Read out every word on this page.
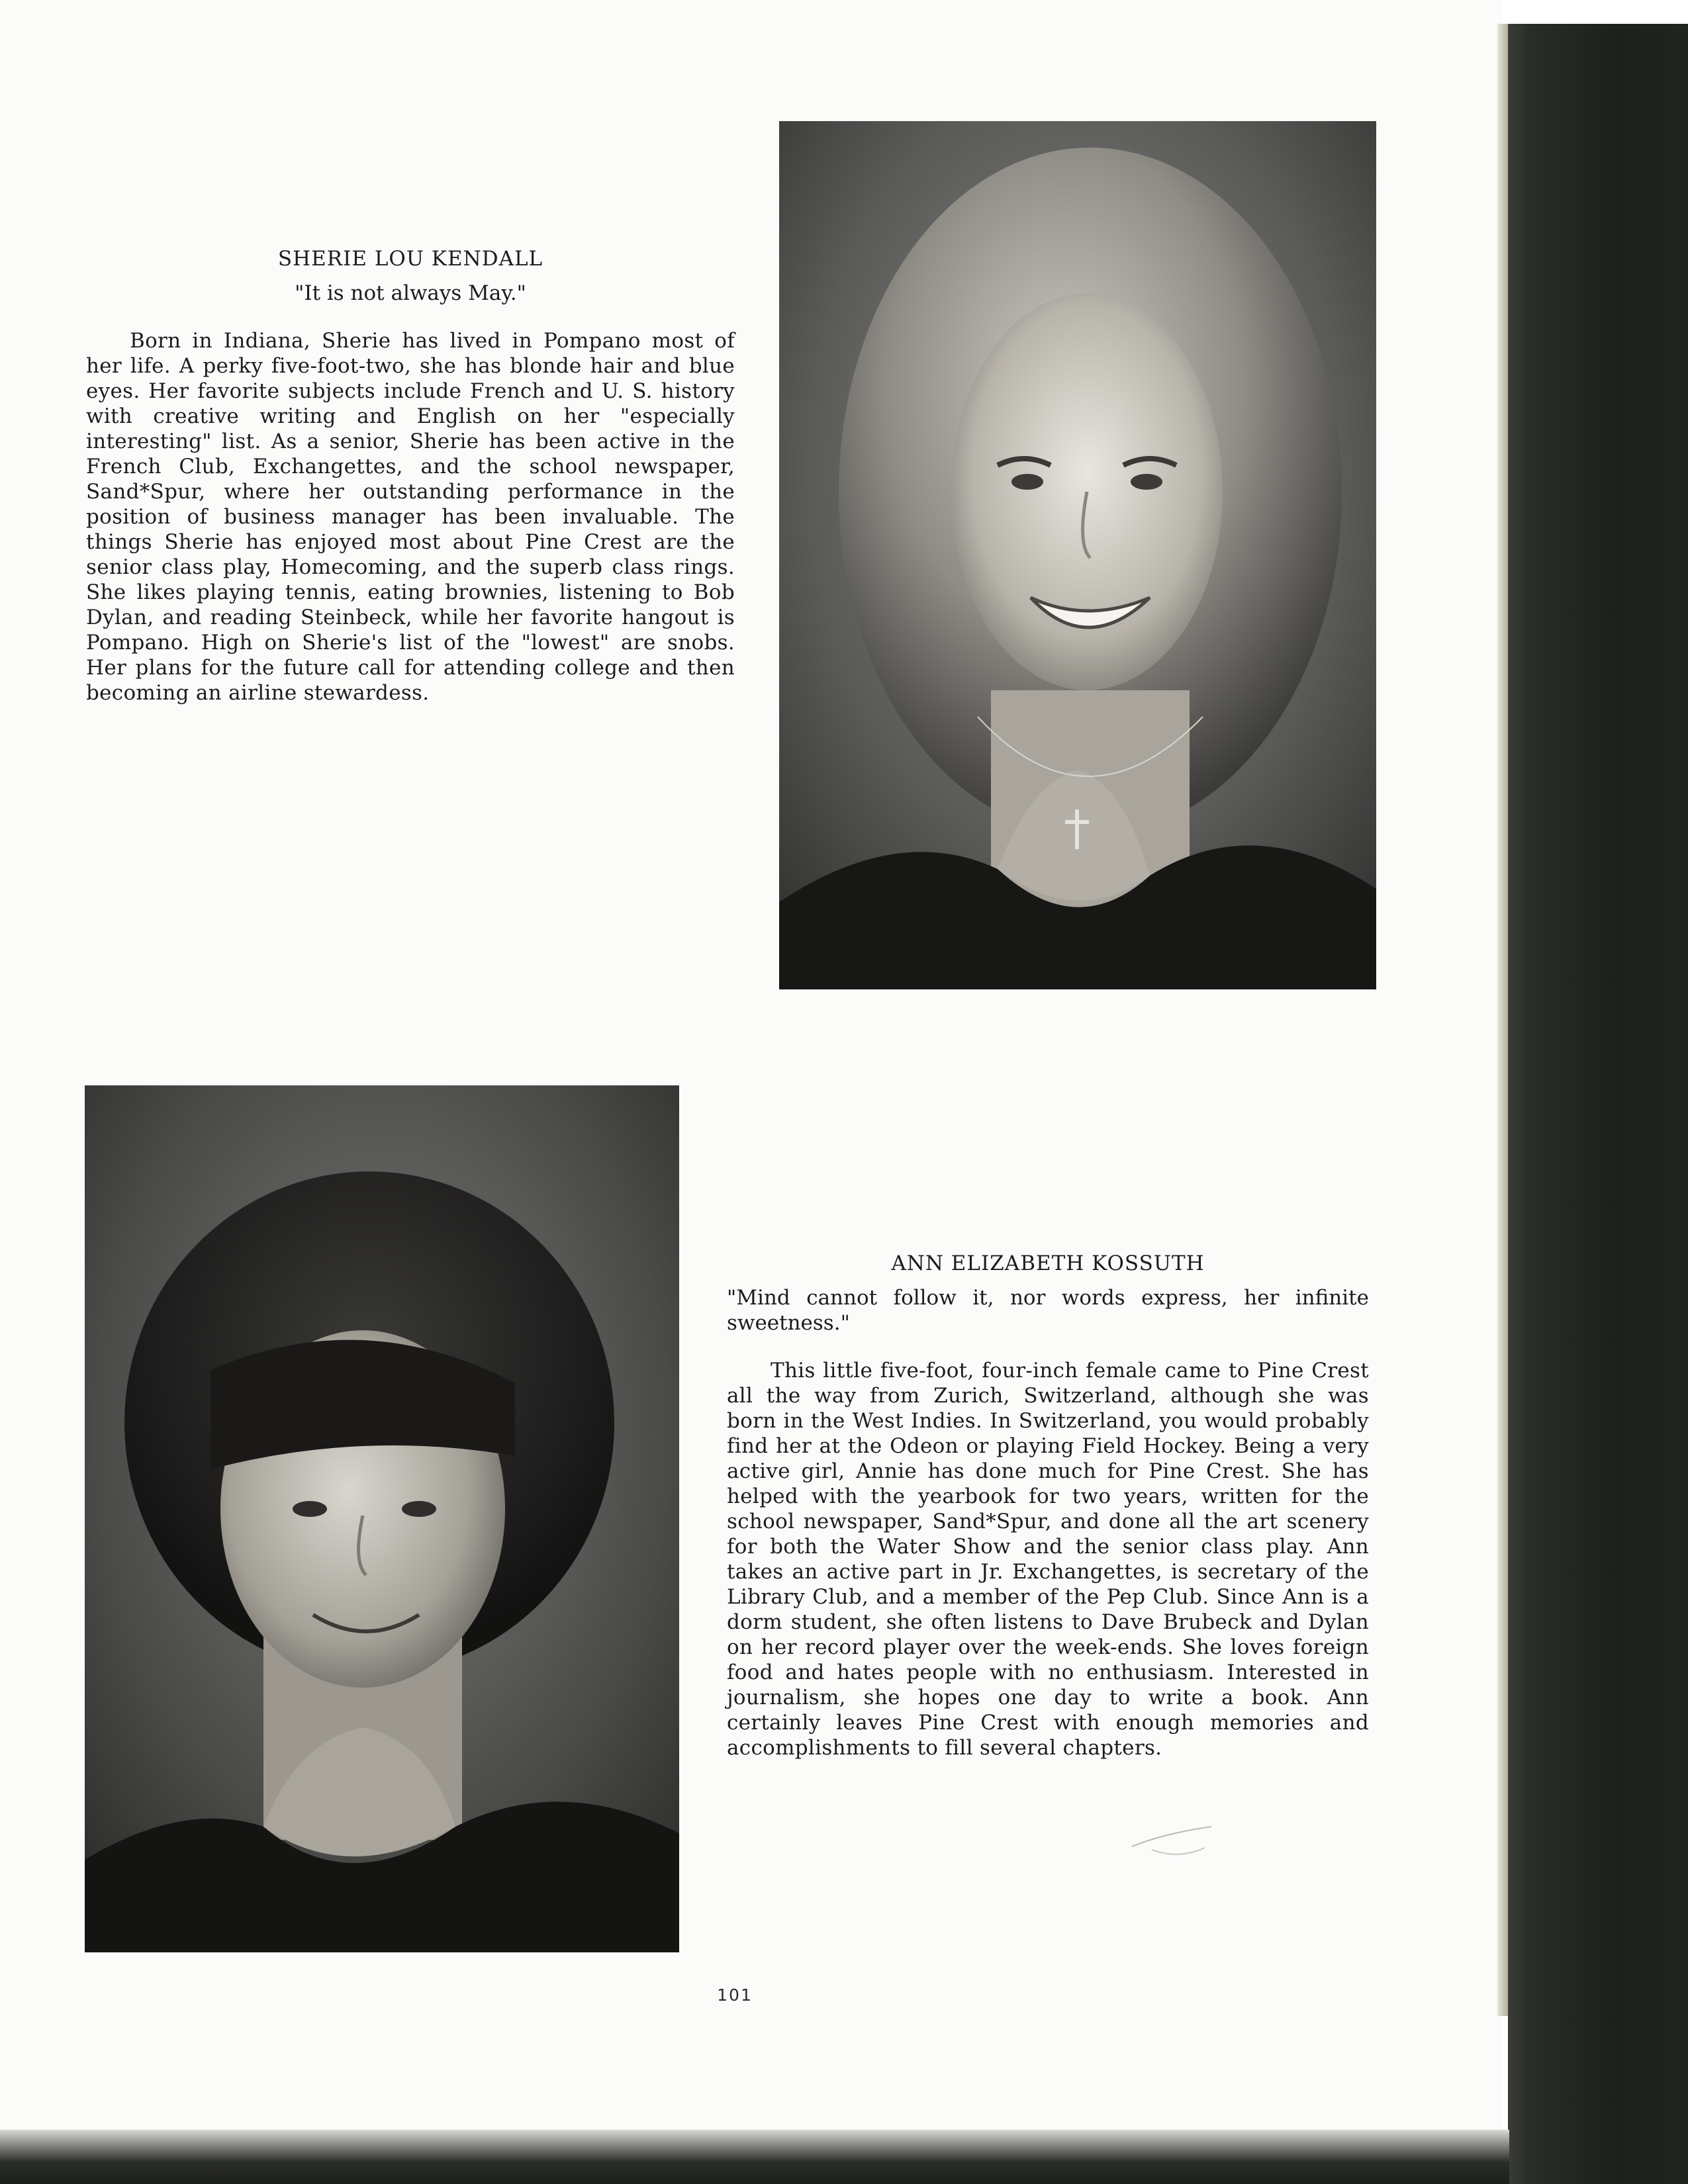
SHERIE LOU KENDALL
"It is not always May."
Born in Indiana, Sherie has lived in Pompano most of her life. A perky five-foot-two, she has blonde hair and blue eyes. Her favorite subjects include French and U. S. history with creative writing and English on her "especially interesting" list. As a senior, Sherie has been active in the French Club, Exchangettes, and the school newspaper, Sand*Spur, where her outstanding performance in the position of business manager has been invaluable. The things Sherie has enjoyed most about Pine Crest are the senior class play, Homecoming, and the superb class rings. She likes playing tennis, eating brownies, listening to Bob Dylan, and reading Steinbeck, while her favorite hangout is Pompano. High on Sherie's list of the "lowest" are snobs. Her plans for the future call for attending college and then becoming an airline stewardess.
ANN ELIZABETH KOSSUTH
"Mind cannot follow it, nor words express, her infinite sweetness."
This little five-foot, four-inch female came to Pine Crest all the way from Zurich, Switzerland, although she was born in the West Indies. In Switzerland, you would probably find her at the Odeon or playing Field Hockey. Being a very active girl, Annie has done much for Pine Crest. She has helped with the yearbook for two years, written for the school newspaper, Sand*Spur, and done all the art scenery for both the Water Show and the senior class play. Ann takes an active part in Jr. Exchangettes, is secretary of the Library Club, and a member of the Pep Club. Since Ann is a dorm student, she often listens to Dave Brubeck and Dylan on her record player over the week-ends. She loves foreign food and hates people with no enthusiasm. Interested in journalism, she hopes one day to write a book. Ann certainly leaves Pine Crest with enough memories and accomplishments to fill several chapters.
101
